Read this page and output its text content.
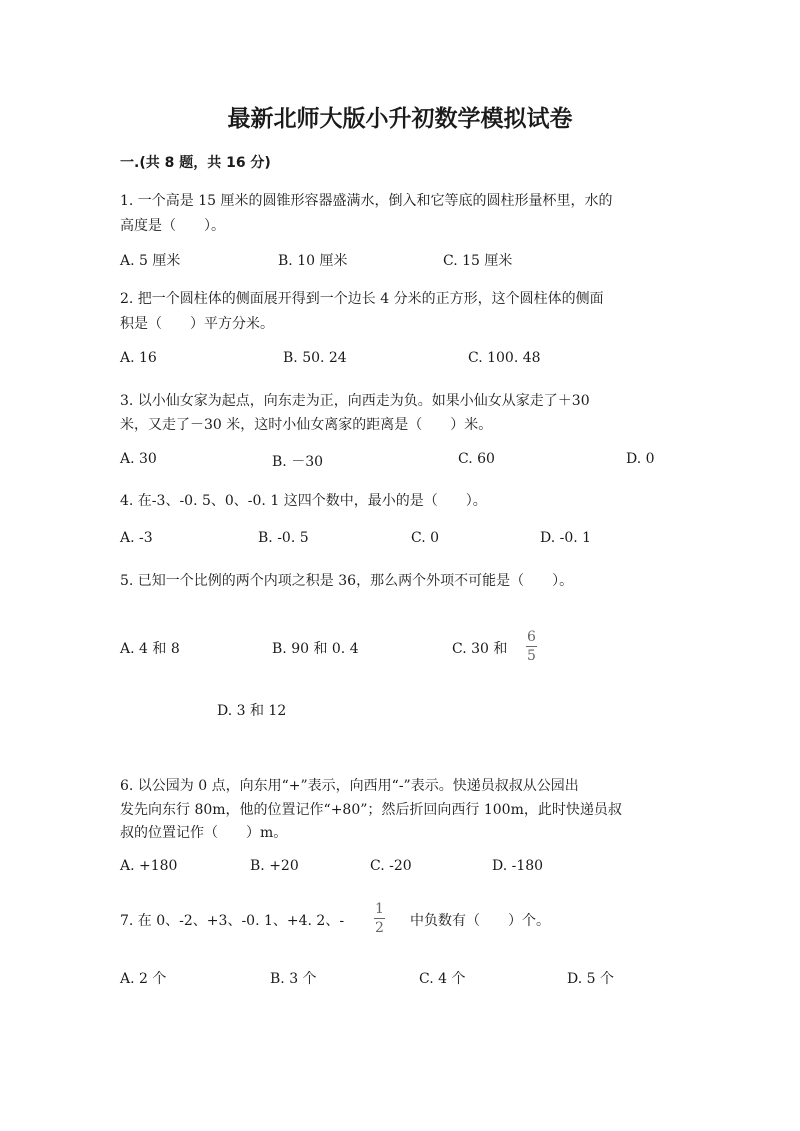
最新北师大版小升初数学模拟试卷
一.(共 8 题，共 16 分)
1. 一个高是 15 厘米的圆锥形容器盛满水，倒入和它等底的圆柱形量杯里，水的
高度是（　　）。
A. 5 厘米	B. 10 厘米	C. 15 厘米
2. 把一个圆柱体的侧面展开得到一个边长 4 分米的正方形，这个圆柱体的侧面
积是（　　）平方分米。
A. 16	B. 50. 24	C. 100. 48
3. 以小仙女家为起点，向东走为正，向西走为负。如果小仙女从家走了＋30
米，又走了－30 米，这时小仙女离家的距离是（　　）米。
A. 30	B. －30	C. 60	D. 0
4. 在-3、-0. 5、0、-0. 1 这四个数中，最小的是（　　）。
A. -3	B. -0. 5	C. 0	D. -0. 1
5. 已知一个比例的两个内项之积是 36，那么两个外项不可能是（　　）。
A. 4 和 8	B. 90 和 0. 4	C. 30 和
6
5
D. 3 和 12
6. 以公园为 0 点，向东用“+”表示，向西用“-”表示。快递员叔叔从公园出
发先向东行 80m，他的位置记作“+80”；然后折回向西行 100m，此时快递员叔
叔的位置记作（　　）m。
A. +180	B. +20	C. -20	D. -180
7. 在 0、-2、+3、-0. 1、+4. 2、-
1
2 中负数有（　　）个。
A. 2 个	B. 3 个	C. 4 个	D. 5 个
